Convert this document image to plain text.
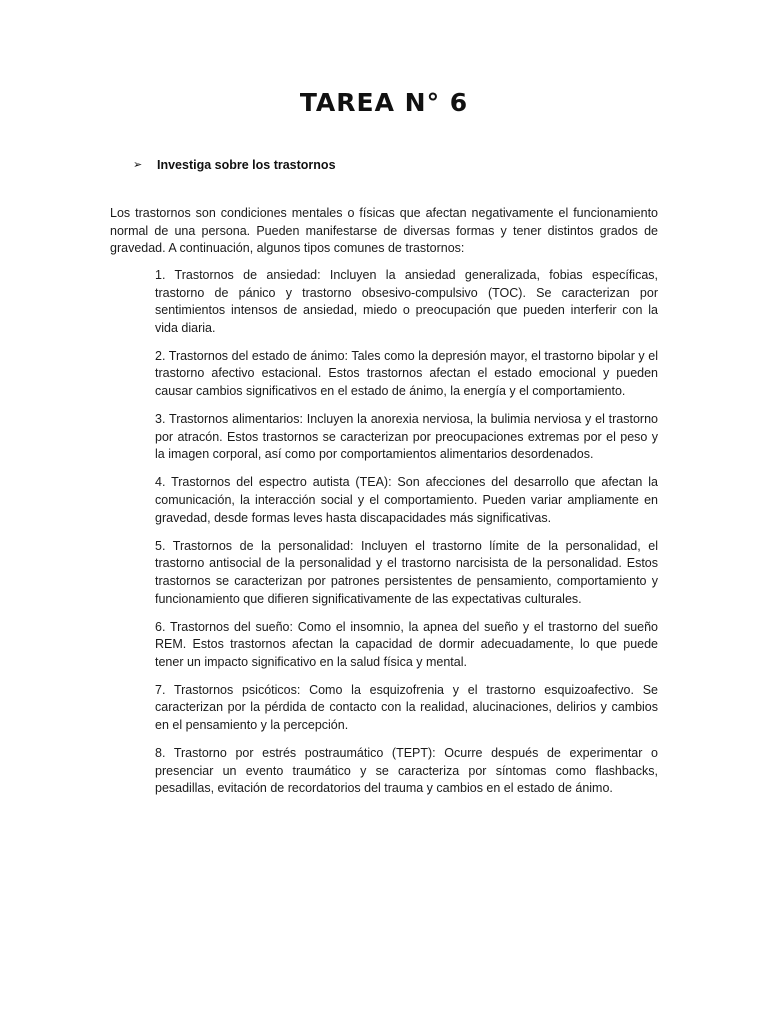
TAREA N° 6
➢ Investiga sobre los trastornos

Los trastornos son condiciones mentales o físicas que afectan negativamente el funcionamiento normal de una persona. Pueden manifestarse de diversas formas y tener distintos grados de gravedad. A continuación, algunos tipos comunes de trastornos:

1. Trastornos de ansiedad: Incluyen la ansiedad generalizada, fobias específicas, trastorno de pánico y trastorno obsesivo-compulsivo (TOC). Se caracterizan por sentimientos intensos de ansiedad, miedo o preocupación que pueden interferir con la vida diaria.
2. Trastornos del estado de ánimo: Tales como la depresión mayor, el trastorno bipolar y el trastorno afectivo estacional. Estos trastornos afectan el estado emocional y pueden causar cambios significativos en el estado de ánimo, la energía y el comportamiento.
3. Trastornos alimentarios: Incluyen la anorexia nerviosa, la bulimia nerviosa y el trastorno por atracón. Estos trastornos se caracterizan por preocupaciones extremas por el peso y la imagen corporal, así como por comportamientos alimentarios desordenados.
4. Trastornos del espectro autista (TEA): Son afecciones del desarrollo que afectan la comunicación, la interacción social y el comportamiento. Pueden variar ampliamente en gravedad, desde formas leves hasta discapacidades más significativas.
5. Trastornos de la personalidad: Incluyen el trastorno límite de la personalidad, el trastorno antisocial de la personalidad y el trastorno narcisista de la personalidad. Estos trastornos se caracterizan por patrones persistentes de pensamiento, comportamiento y funcionamiento que difieren significativamente de las expectativas culturales.
6. Trastornos del sueño: Como el insomnio, la apnea del sueño y el trastorno del sueño REM. Estos trastornos afectan la capacidad de dormir adecuadamente, lo que puede tener un impacto significativo en la salud física y mental.
7. Trastornos psicóticos: Como la esquizofrenia y el trastorno esquizoafectivo. Se caracterizan por la pérdida de contacto con la realidad, alucinaciones, delirios y cambios en el pensamiento y la percepción.
8. Trastorno por estrés postraumático (TEPT): Ocurre después de experimentar o presenciar un evento traumático y se caracteriza por síntomas como flashbacks, pesadillas, evitación de recordatorios del trauma y cambios en el estado de ánimo.
